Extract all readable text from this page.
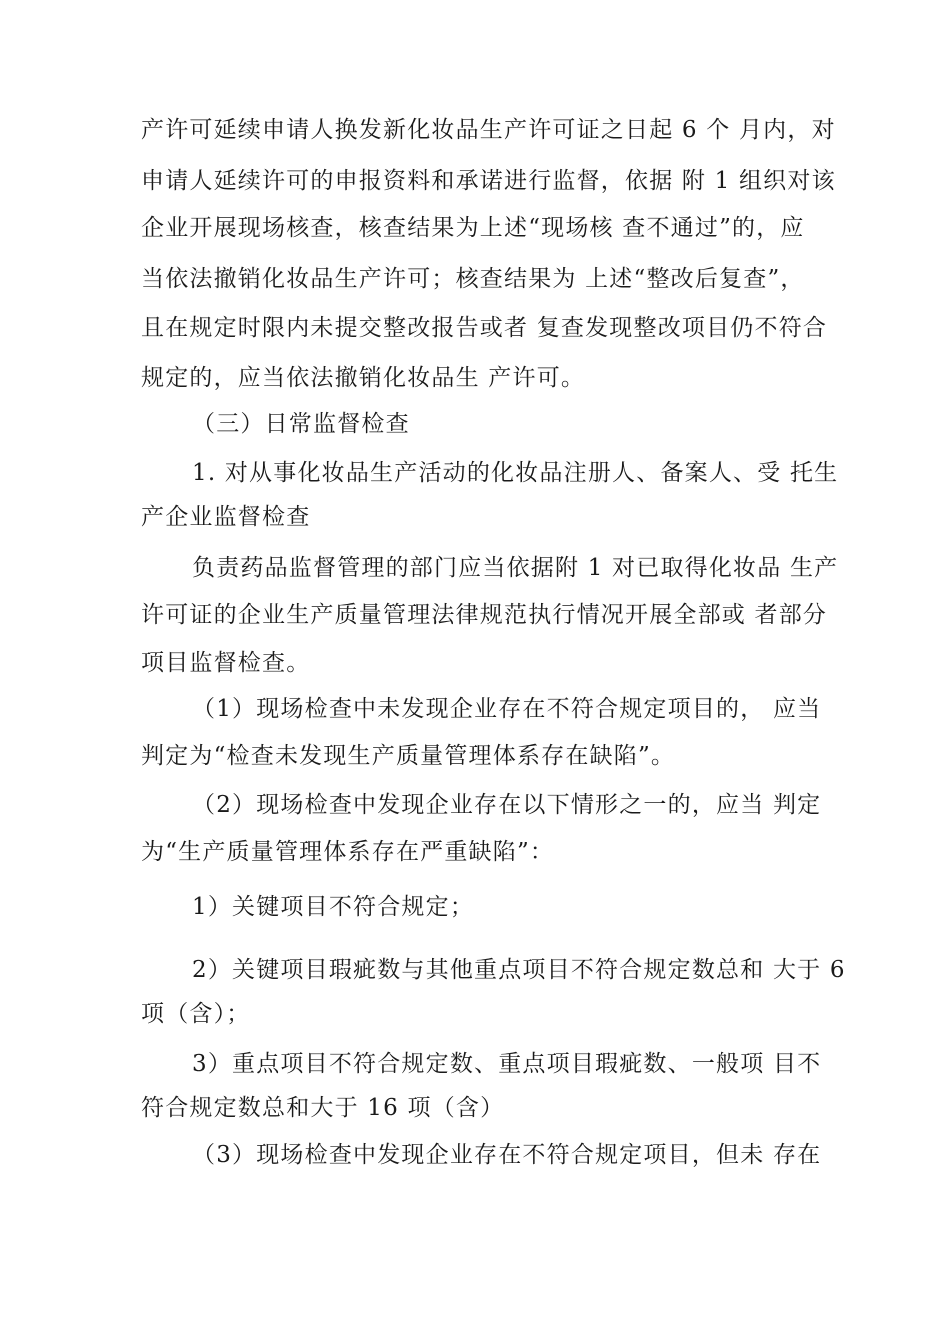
产许可延续申请人换发新化妆品生产许可证之日起 6 个 月内，对
申请人延续许可的申报资料和承诺进行监督，依据 附 1 组织对该
企业开展现场核查，核查结果为上述“现场核 查不通过”的，应
当依法撤销化妆品生产许可；核查结果为 上述“整改后复查”，
且在规定时限内未提交整改报告或者 复查发现整改项目仍不符合
规定的，应当依法撤销化妆品生 产许可。
（三）日常监督检查
1. 对从事化妆品生产活动的化妆品注册人、备案人、受 托生
产企业监督检查
负责药品监督管理的部门应当依据附 1 对已取得化妆品 生产
许可证的企业生产质量管理法律规范执行情况开展全部或 者部分
项目监督检查。
（1）现场检查中未发现企业存在不符合规定项目的， 应当
判定为“检查未发现生产质量管理体系存在缺陷”。
（2）现场检查中发现企业存在以下情形之一的，应当 判定
为“生产质量管理体系存在严重缺陷”：
1）关键项目不符合规定；
2）关键项目瑕疵数与其他重点项目不符合规定数总和 大于 6
项（含）；
3）重点项目不符合规定数、重点项目瑕疵数、一般项 目不
符合规定数总和大于 16 项（含）
（3）现场检查中发现企业存在不符合规定项目，但未 存在
